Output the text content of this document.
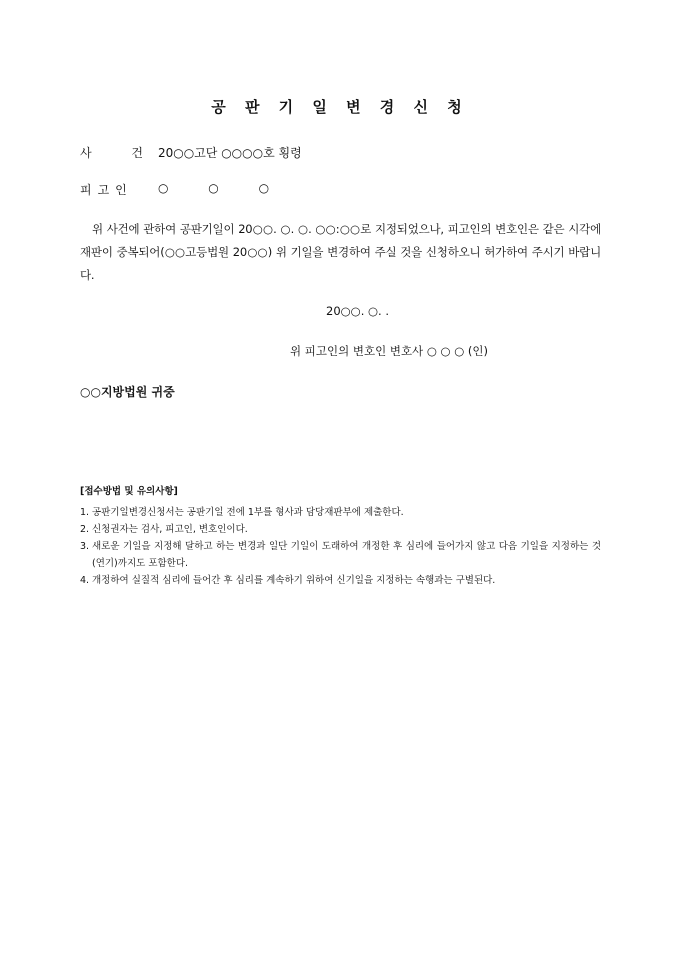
공 판 기 일 변 경 신 청
사 건
20○○고단 ○○○○호 횡령
피고인 ○ ○ ○
위 사건에 관하여 공판기일이 20○○. ○. ○. ○○:○○로 지정되었으나, 피고인의 변호인은 같은 시각에 재판이 중복되어(○○고등법원 20○○) 위 기일을 변경하여 주실 것을 신청하오니 허가하여 주시기 바랍니다.
20○○. ○. .
위 피고인의 변호인 변호사 ○ ○ ○ (인)
○○지방법원 귀중
[접수방법 및 유의사항]
1. 공판기일변경신청서는 공판기일 전에 1부를 형사과 담당재판부에 제출한다.
2. 신청권자는 검사, 피고인, 변호인이다.
3. 새로운 기일을 지정해 달하고 하는 변경과 일단 기일이 도래하여 개정한 후 심리에 들어가지 않고 다음 기일을 지정하는 것(연기)까지도 포함한다.
4. 개정하여 실질적 심리에 들어간 후 심리를 계속하기 위하여 신기일을 지정하는 속행과는 구별된다.
